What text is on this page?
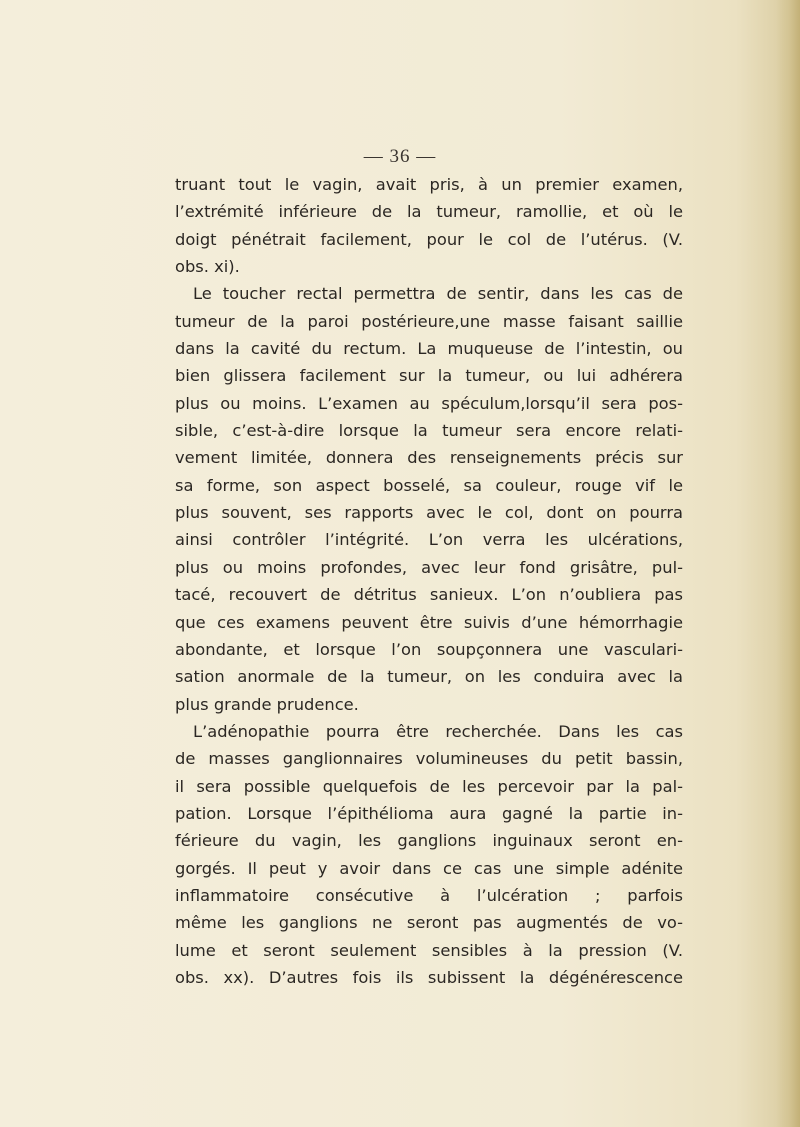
— 36 —
truant tout le vagin, avait pris, à un premier examen,
l’extrémité inférieure de la tumeur, ramollie, et où le
doigt pénétrait facilement, pour le col de l’utérus. (V.
obs. xi).
Le toucher rectal permettra de sentir, dans les cas de
tumeur de la paroi postérieure,une masse faisant saillie
dans la cavité du rectum. La muqueuse de l’intestin, ou
bien glissera facilement sur la tumeur, ou lui adhérera
plus ou moins. L’examen au spéculum,lorsqu’il sera pos-
sible, c’est-à-dire lorsque la tumeur sera encore relati-
vement limitée, donnera des renseignements précis sur
sa forme, son aspect bosselé, sa couleur, rouge vif le
plus souvent, ses rapports avec le col, dont on pourra
ainsi contrôler l’intégrité. L’on verra les ulcérations,
plus ou moins profondes, avec leur fond grisâtre, pul-
tacé, recouvert de détritus sanieux. L’on n’oubliera pas
que ces examens peuvent être suivis d’une hémorrhagie
abondante, et lorsque l’on soupçonnera une vasculari-
sation anormale de la tumeur, on les conduira avec la
plus grande prudence.
L’adénopathie pourra être recherchée. Dans les cas
de masses ganglionnaires volumineuses du petit bassin,
il sera possible quelquefois de les percevoir par la pal-
pation. Lorsque l’épithélioma aura gagné la partie in-
férieure du vagin, les ganglions inguinaux seront en-
gorgés. Il peut y avoir dans ce cas une simple adénite
inflammatoire consécutive à l’ulcération ; parfois
même les ganglions ne seront pas augmentés de vo-
lume et seront seulement sensibles à la pression (V.
obs. xx). D’autres fois ils subissent la dégénérescence
